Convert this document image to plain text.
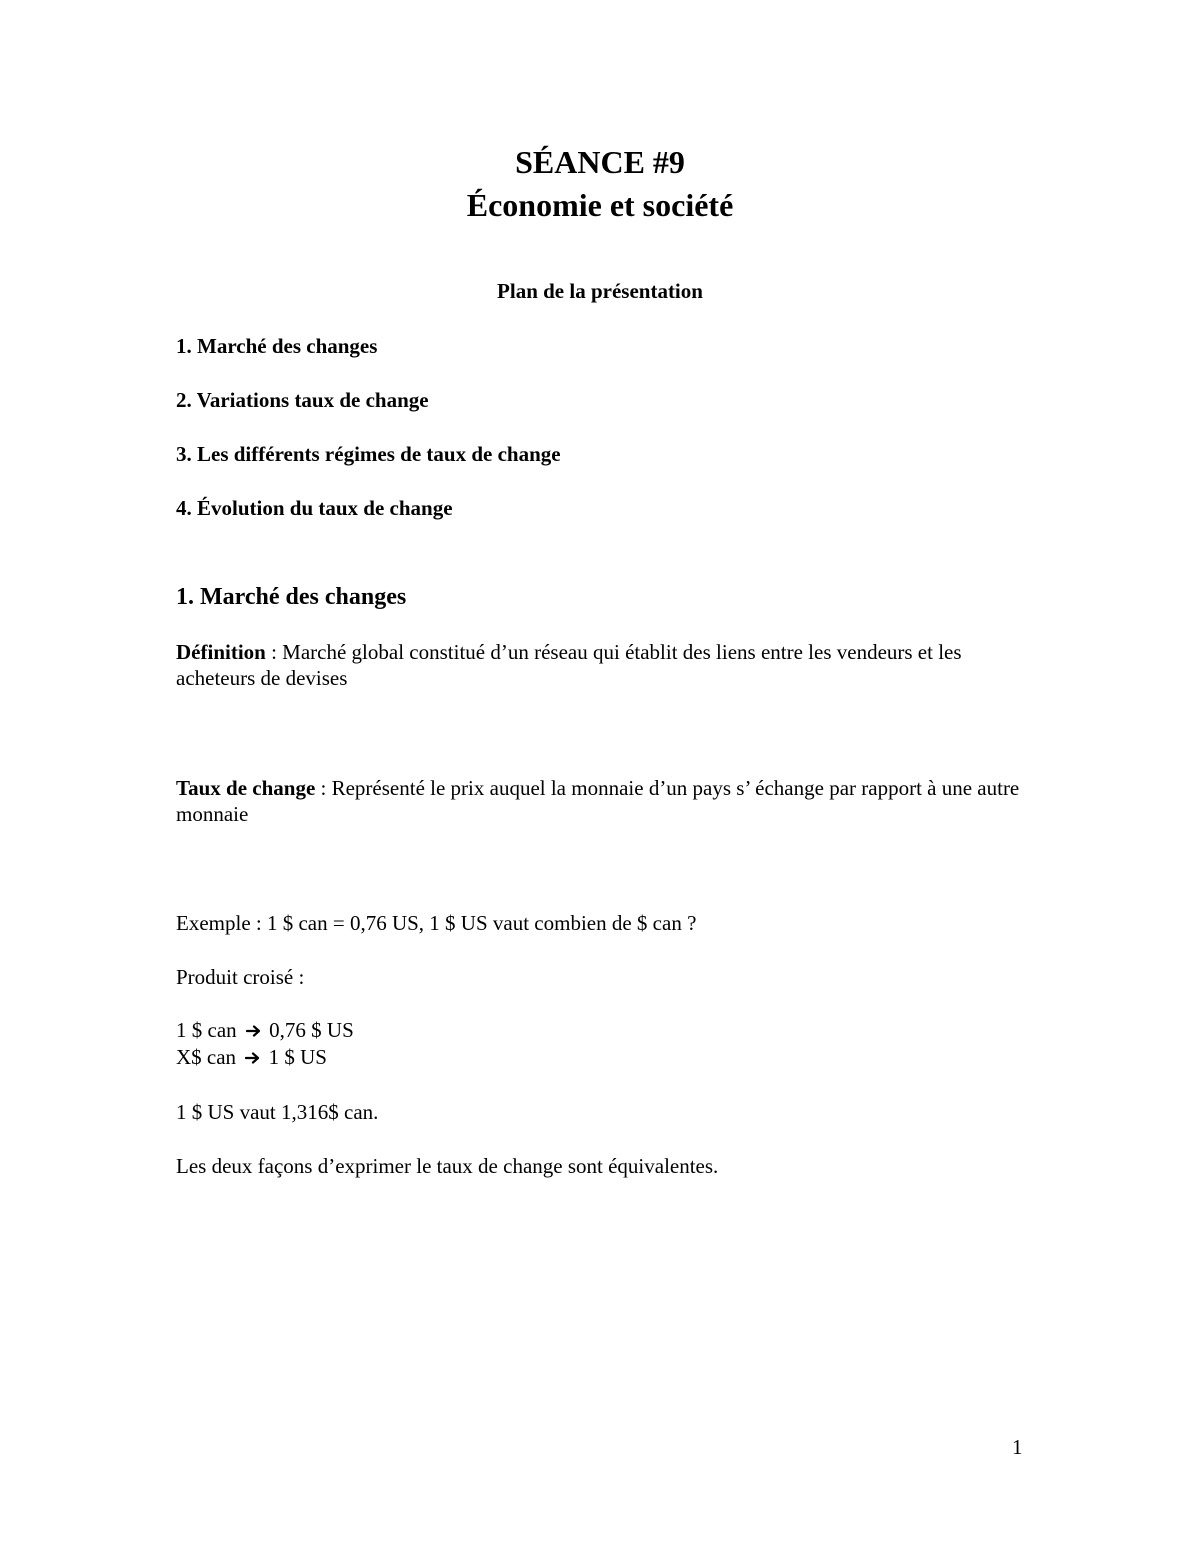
SÉANCE #9
Économie et société
Plan de la présentation
1. Marché des changes
2. Variations taux de change
3. Les différents régimes de taux de change
4. Évolution du taux de change
1. Marché des changes
Définition : Marché global constitué d’un réseau qui établit des liens entre les vendeurs et les acheteurs de devises
Taux de change : Représenté le prix auquel la monnaie d’un pays s’ échange par rapport à une autre monnaie
Exemple : 1 $ can = 0,76 US, 1 $ US vaut combien de $ can ?
Produit croisé :
1 $ can 0,76 $ US
X$ can 1 $ US
1 $ US vaut 1,316$ can.
Les deux façons d’exprimer le taux de change sont équivalentes.
1
